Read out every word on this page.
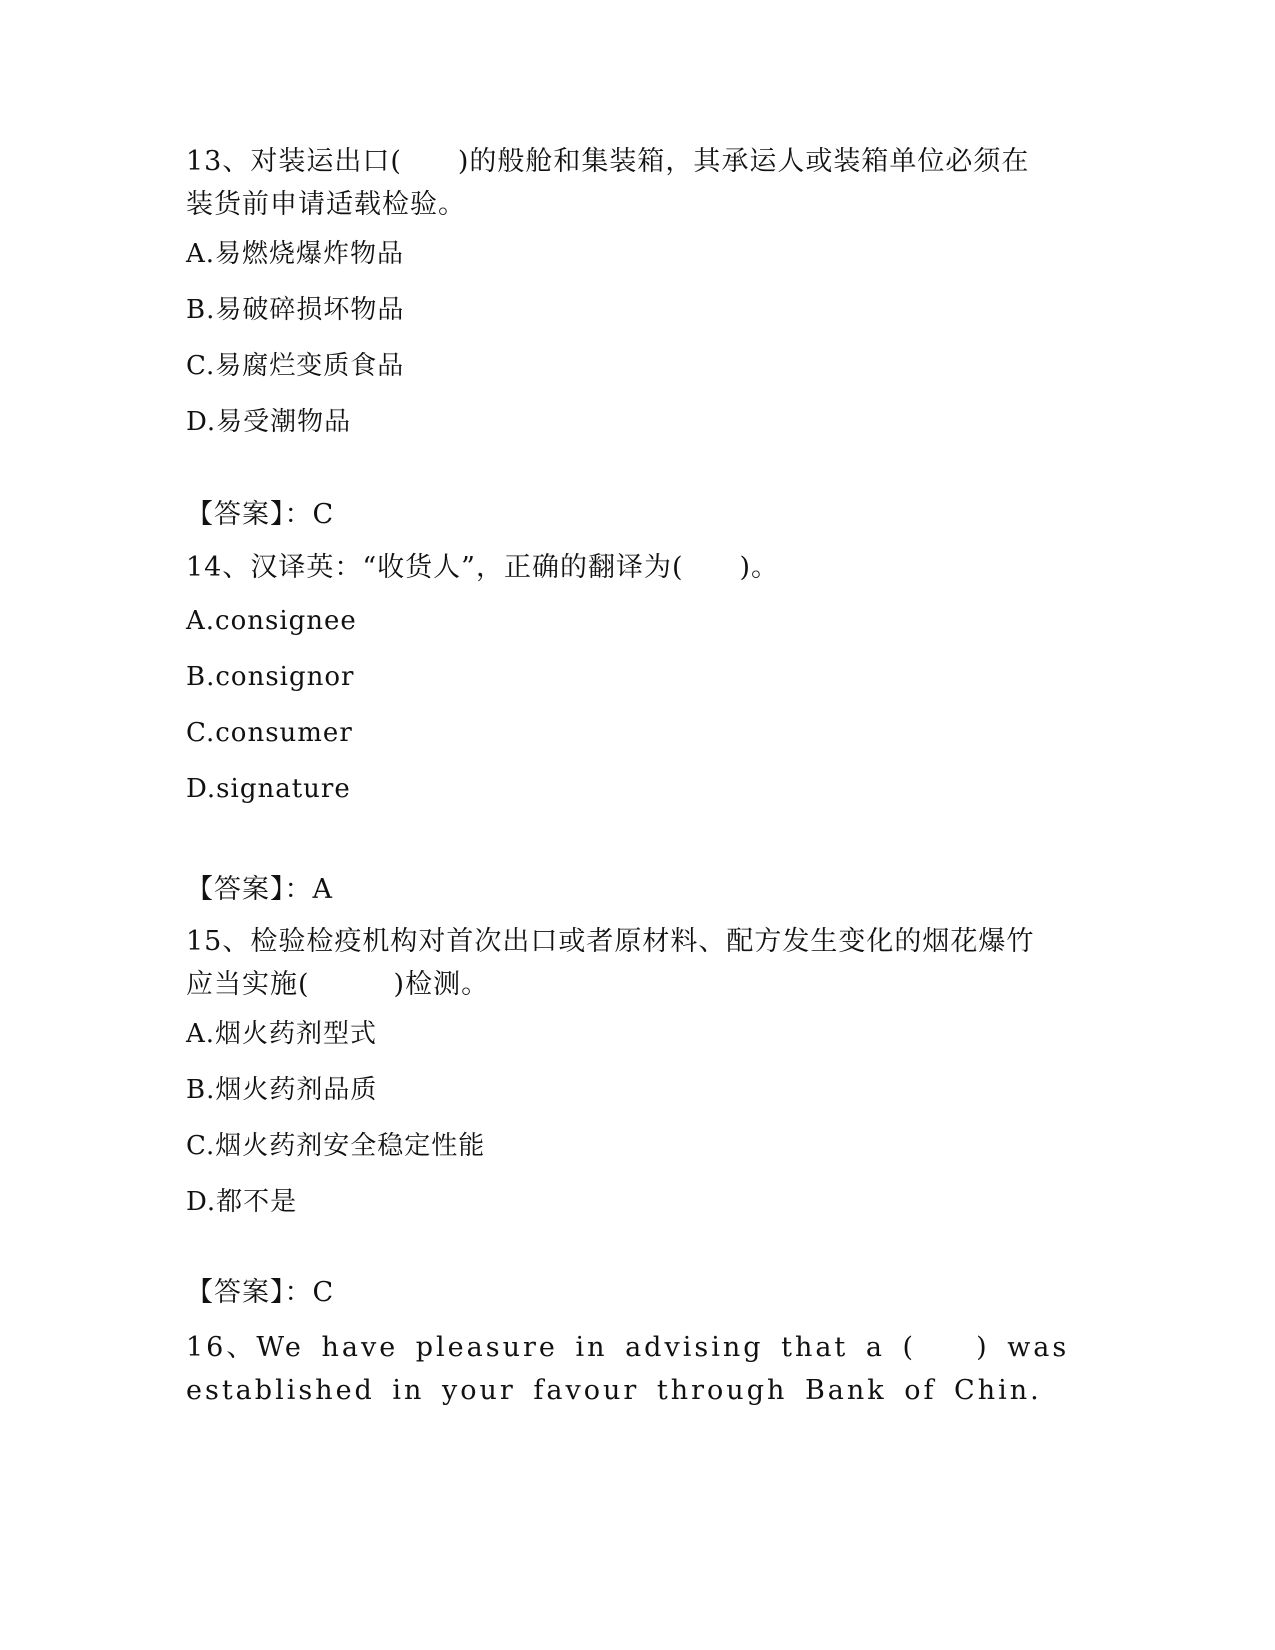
13、对装运出口(　　)的般舱和集装箱，其承运人或装箱单位必须在装货前申请适载检验。

A.易燃烧爆炸物品

B.易破碎损坏物品

C.易腐烂变质食品

D.易受潮物品

【答案】：C

14、汉译英：“收货人”，正确的翻译为(　　)。

A.consignee

B.consignor

C.consumer

D.signature

【答案】：A

15、检验检疫机构对首次出口或者原材料、配方发生变化的烟花爆竹应当实施(　　　)检测。

A.烟火药剂型式

B.烟火药剂品质

C.烟火药剂安全稳定性能

D.都不是

【答案】：C

16、We have pleasure in advising that a (　　) was

established in your favour through Bank of Chin.
